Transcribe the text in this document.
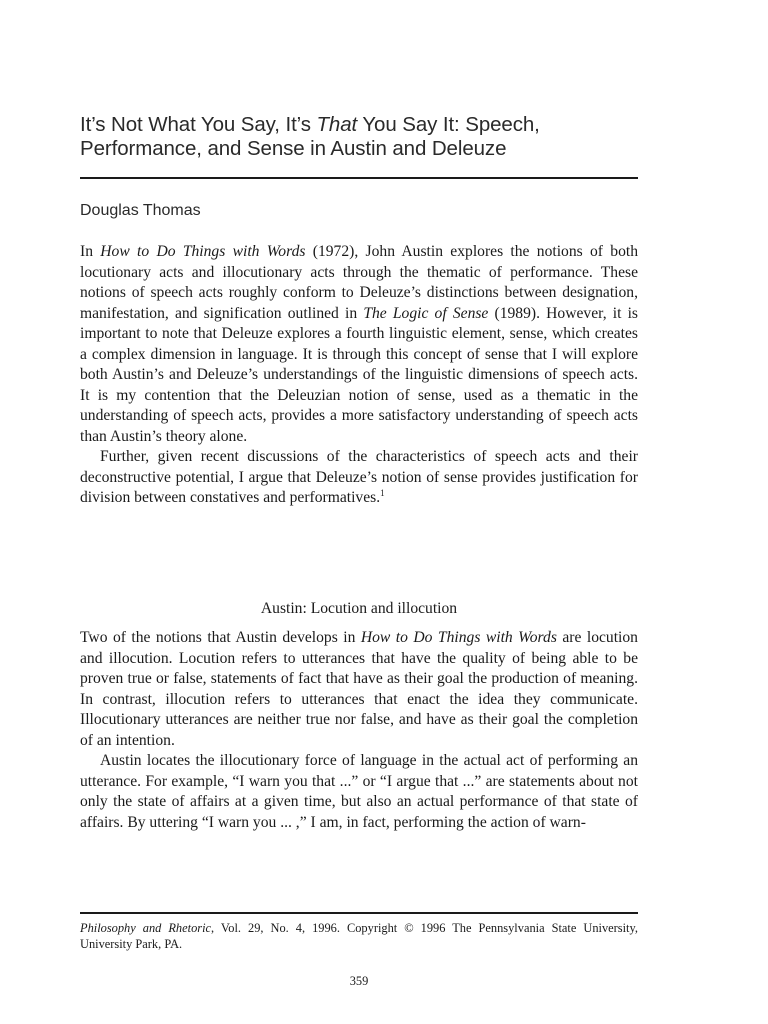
It’s Not What You Say, It’s That You Say It: Speech,
Performance, and Sense in Austin and Deleuze
Douglas Thomas

In How to Do Things with Words (1972), John Austin explores the notions of both locutionary acts and illocutionary acts through the thematic of performance. These notions of speech acts roughly conform to Deleuze’s distinctions between designation, manifestation, and signification outlined in The Logic of Sense (1989). However, it is important to note that Deleuze explores a fourth linguistic element, sense, which creates a complex dimension in language. It is through this concept of sense that I will explore both Austin’s and Deleuze’s understandings of the linguistic dimensions of speech acts. It is my contention that the Deleuzian notion of sense, used as a thematic in the understanding of speech acts, provides a more satisfactory understanding of speech acts than Austin’s theory alone.

Further, given recent discussions of the characteristics of speech acts and their deconstructive potential, I argue that Deleuze’s notion of sense provides justification for division between constatives and performatives.$^1$

Austin: Locution and illocution

Two of the notions that Austin develops in How to Do Things with Words are locution and illocution. Locution refers to utterances that have the quality of being able to be proven true or false, statements of fact that have as their goal the production of meaning. In contrast, illocution refers to utterances that enact the idea they communicate. Illocutionary utterances are neither true nor false, and have as their goal the completion of an intention.

Austin locates the illocutionary force of language in the actual act of performing an utterance. For example, “I warn you that ...” or “I argue that ...” are statements about not only the state of affairs at a given time, but also an actual performance of that state of affairs. By uttering “I warn you ... ,” I am, in fact, performing the action of warn-

Philosophy and Rhetoric, Vol. 29, No. 4, 1996. Copyright © 1996 The Pennsylvania State University, University Park, PA.
359
